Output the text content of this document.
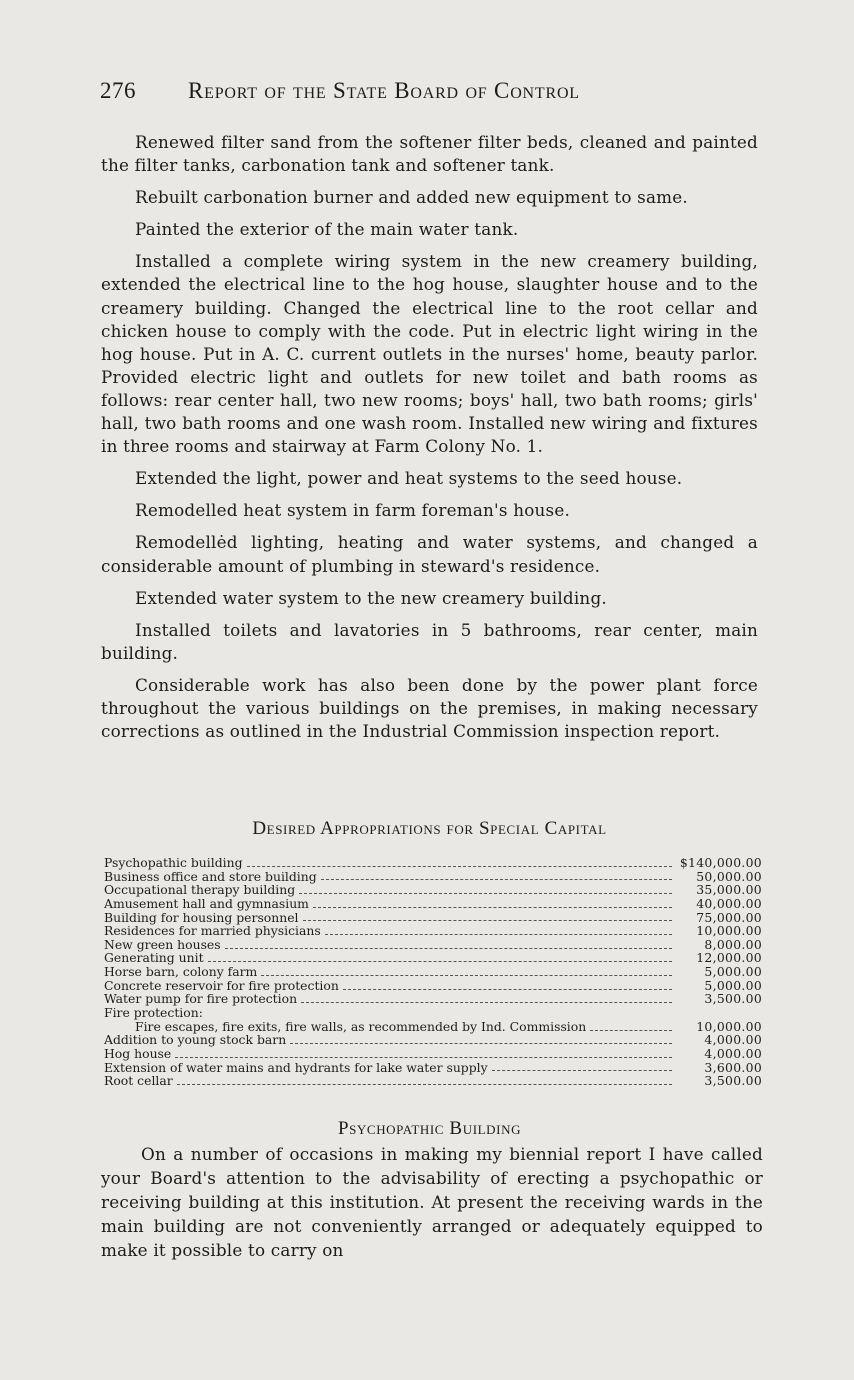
276	Report of the State Board of Control

Renewed filter sand from the softener filter beds, cleaned and painted the filter tanks, carbonation tank and softener tank.

Rebuilt carbonation burner and added new equipment to same.

Painted the exterior of the main water tank.

Installed a complete wiring system in the new creamery building, extended the electrical line to the hog house, slaughter house and to the creamery building. Changed the electrical line to the root cellar and chicken house to comply with the code. Put in electric light wiring in the hog house. Put in A. C. current outlets in the nurses' home, beauty parlor. Provided electric light and outlets for new toilet and bath rooms as follows: rear center hall, two new rooms; boys' hall, two bath rooms; girls' hall, two bath rooms and one wash room. Installed new wiring and fixtures in three rooms and stairway at Farm Colony No. 1.

Extended the light, power and heat systems to the seed house.

Remodelled heat system in farm foreman's house.

Remodellėd lighting, heating and water systems, and changed a considerable amount of plumbing in steward's residence.

Extended water system to the new creamery building.

Installed toilets and lavatories in 5 bathrooms, rear center, main building.

Considerable work has also been done by the power plant force throughout the various buildings on the premises, in making necessary corrections as outlined in the Industrial Commission inspection report.

Desired Appropriations for Special Capital
Psychopathic building	$140,000.00
Business office and store building	50,000.00
Occupational therapy building	35,000.00
Amusement hall and gymnasium	40,000.00
Building for housing personnel	75,000.00
Residences for married physicians	10,000.00
New green houses	8,000.00
Generating unit	12,000.00
Horse barn, colony farm	5,000.00
Concrete reservoir for fire protection	5,000.00
Water pump for fire protection	3,500.00
Fire protection:
Fire escapes, fire exits, fire walls, as recommended by Ind. Commission	10,000.00
Addition to young stock barn	4,000.00
Hog house	4,000.00
Extension of water mains and hydrants for lake water supply	3,600.00
Root cellar	3,500.00
Psychopathic Building

On a number of occasions in making my biennial report I have called your Board's attention to the advisability of erecting a psychopathic or receiving building at this institution. At present the receiving wards in the main building are not conveniently arranged or adequately equipped to make it possible to carry on
